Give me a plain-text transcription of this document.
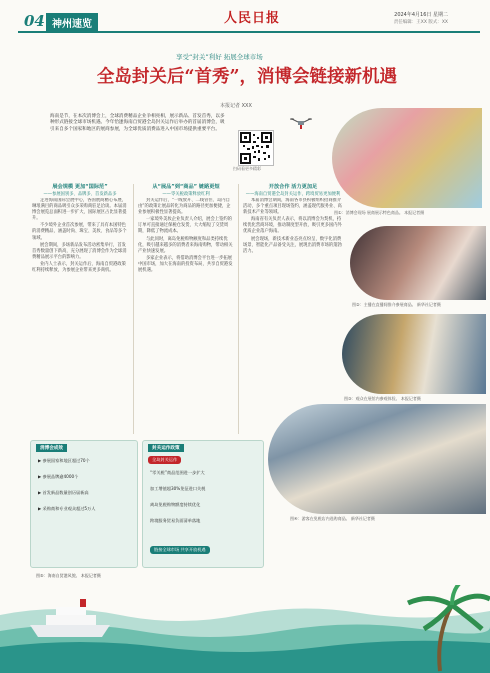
04 神州速览	人民日报	2024年4月16日 星期二
责任编辑：王XX 版式：XX
享受“封关”利好 拓展全球市场
全岛封关后“首秀”，消博会链接新机遇
本报记者 XXX
海南是节，在本次消博会上，全球消费精品企业争相亮相，展示新品、首发首秀，以多种形式链接全球市场机遇。今年恰逢海南自贸港全岛封关运作后举办的首届消博会，吸引来自多个国家和地区的展商参展，为全球优质消费品进入中国市场提供重要平台。
扫码看更多精彩
图①：消博会现场 展商展示特色商品。 本报记者摄
图②：主播在直播间推介参展商品。 新华社记者摄
图③：观众在展馆内参观体验。 本报记者摄
图④：游客在免税店内选购商品。 新华社记者摄
展会规模 更加“国际范”
——参展国别多、品牌多、首发新品多

走进海南国际会展中心，各国展商精心布展，琳琅满目的商品吸引众多采购商驻足洽谈。本届消博会展览总面积进一步扩大，国际展区占比显著提升。

不少境外企业首次参展，带来了具有本国特色的消费精品，涵盖时尚、珠宝、美妆、食品等多个领域。

展会期间，多场新品发布活动密集举行，首发首秀数量创下新高，充分展现了消博会作为全球消费精品展示平台的影响力。

业内人士表示，封关运作后，海南自贸港政策红利持续释放，为参展企业带来更多商机。

从“展品”到“商品” 链路更短
——零关税政策释放红利

封关运作后，“一线放开、二线管住、岛内自由”的政策让展品转化为商品的路径更加便捷，企业参展积极性显著提高。

一家境外美妆企业负责人介绍，展会上签约的订单可直接通过保税仓发货，大大缩短了交货周期，降低了物流成本。

与此同时，离岛免税购物额度和品类持续优化，吸引越来越多的消费者来海南购物，带动相关产业快速发展。

多家企业表示，将借助消博会平台进一步拓展中国市场，加大在海南的投资布局，共享自贸港发展机遇。

开放合作 活力更加足
——海南自贸港全岛封关运作，跨境贸易更加便利

本届消博会期间，海南各市县积极组织招商推介活动，多个重点项目现场签约，涵盖现代服务业、高新技术产业等领域。

海南省有关负责人表示，将以消博会为契机，持续优化营商环境，推动制度型开放，吸引更多国内外优质企业落户海南。

展会现场，新技术新业态亮点纷呈，数字化消费场景、智能化产品备受关注，展现出消费市场的蓬勃活力。

消博会成效
▶ 参展国家和地区超过70个
▶ 参展品牌逾4000个
▶ 首发新品数量创历届新高
▶ 采购商和专业观众超过5万人
封关运作政策
全岛封关运作
“零关税”商品范围进一步扩大
加工增值超30%免征进口关税
离岛免税购物额度持续优化
跨境服务贸易负面清单落地
链接全球市场 共享开放机遇
图⑤：海南自贸港风貌。 本报记者摄
